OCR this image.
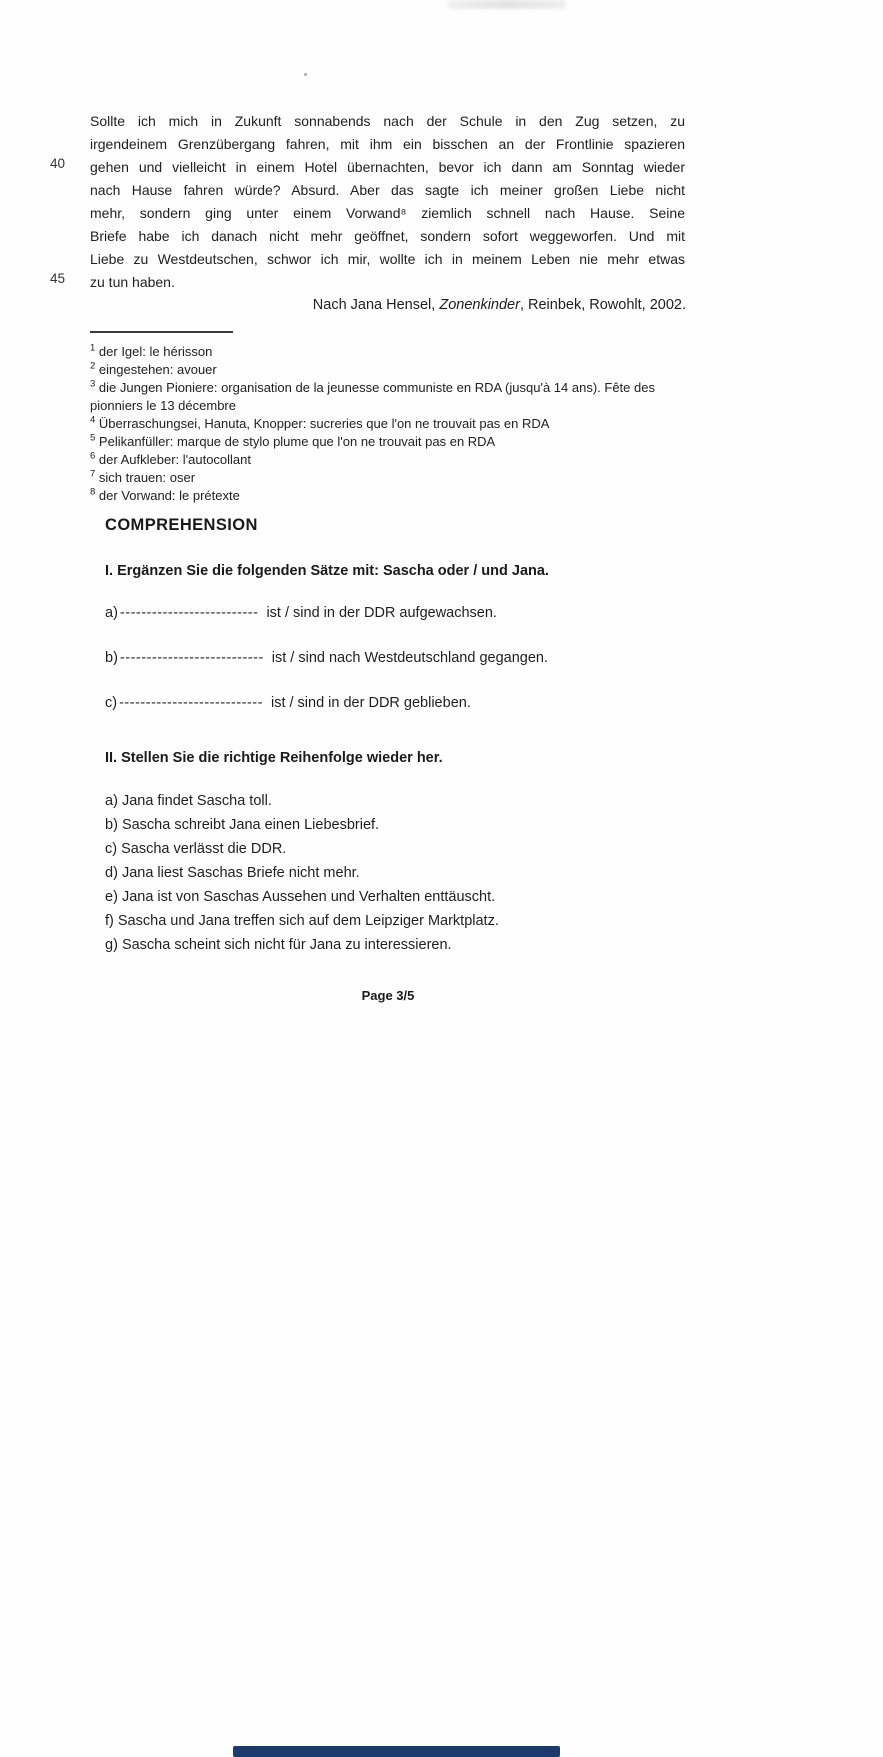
40
45
Sollte ich mich in Zukunft sonnabends nach der Schule in den Zug setzen, zu
irgendeinem Grenzübergang fahren, mit ihm ein bisschen an der Frontlinie spazieren
gehen und vielleicht in einem Hotel übernachten, bevor ich dann am Sonntag wieder
nach Hause fahren würde? Absurd. Aber das sagte ich meiner großen Liebe nicht
mehr, sondern ging unter einem Vorwand⁸ ziemlich schnell nach Hause. Seine
Briefe habe ich danach nicht mehr geöffnet, sondern sofort weggeworfen. Und mit
Liebe zu Westdeutschen, schwor ich mir, wollte ich in meinem Leben nie mehr etwas
zu tun haben.
Nach Jana Hensel, Zonenkinder, Reinbek, Rowohlt, 2002.
$^1$ der Igel: le hérisson
$^2$ eingestehen: avouer
$^3$ die Jungen Pioniere: organisation de la jeunesse communiste en RDA (jusqu'à 14 ans). Fête des pionniers le 13 décembre
$^4$ Überraschungsei, Hanuta, Knopper: sucreries que l'on ne trouvait pas en RDA
$^5$ Pelikanfüller: marque de stylo plume que l'on ne trouvait pas en RDA
$^6$ der Aufkleber: l'autocollant
$^7$ sich trauen: oser
$^8$ der Vorwand: le prétexte
COMPREHENSION
I. Ergänzen Sie die folgenden Sätze mit: Sascha oder / und Jana.
a) -------------------------- ist / sind in der DDR aufgewachsen.
b) --------------------------- ist / sind nach Westdeutschland gegangen.
c) --------------------------- ist / sind in der DDR geblieben.
II. Stellen Sie die richtige Reihenfolge wieder her.
a) Jana findet Sascha toll.
b) Sascha schreibt Jana einen Liebesbrief.
c) Sascha verlässt die DDR.
d) Jana liest Saschas Briefe nicht mehr.
e) Jana ist von Saschas Aussehen und Verhalten enttäuscht.
f) Sascha und Jana treffen sich auf dem Leipziger Marktplatz.
g) Sascha scheint sich nicht für Jana zu interessieren.
Page 3/5
